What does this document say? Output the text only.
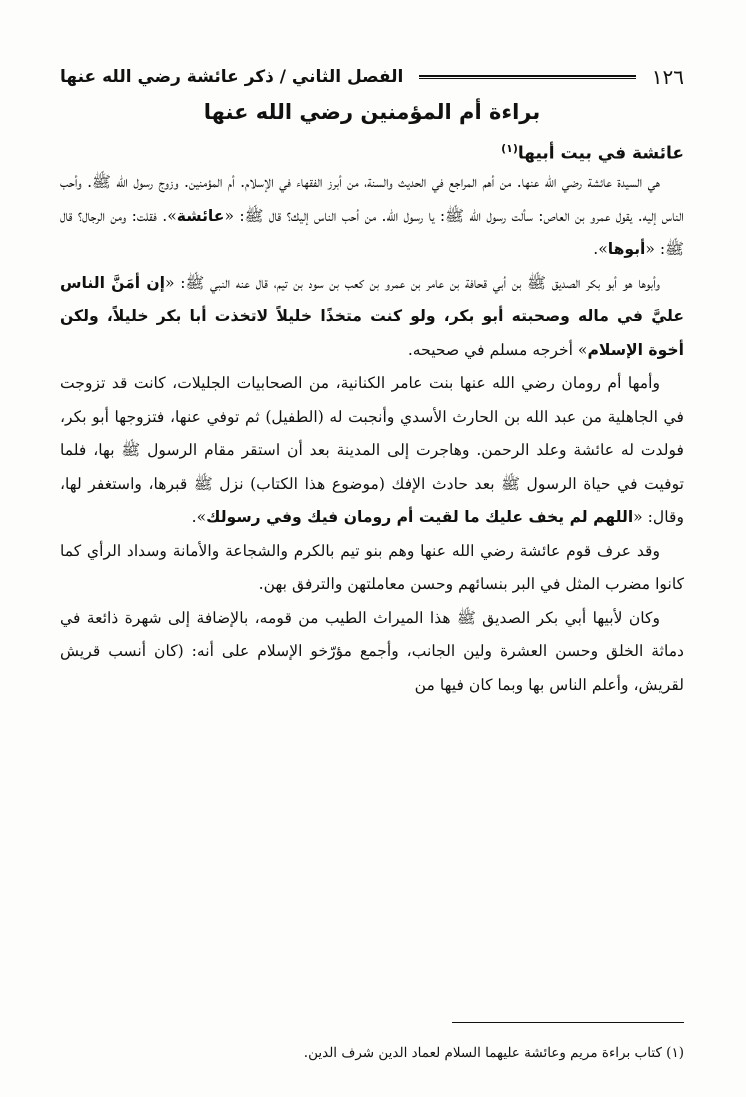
١٢٦
الفصل الثاني / ذكر عائشة رضي الله عنها
براءة أم المؤمنين رضي الله عنها
عائشة في بيت أبيها$^{(١)}$

هي السيدة عائشة رضي الله عنها. من أهم المراجع في الحديث والسنة، من أبرز الفقهاء في الإسلام. أم المؤمنين. وزوج رسول الله ﷺ. وأحب الناس إليه. يقول عمرو بن العاص: سألت رسول الله ﷺ: يا رسول الله. من أحب الناس إليك؟ قال ﷺ: «عائشة». فقلت: ومن الرجال؟ قال ﷺ: «أبوها».

وأبوها هو أبو بكر الصديق ﷺ بن أبي قحافة بن عامر بن عمرو بن كعب بن سود بن تيم، قال عنه النبي ﷺ: «إن أمَنَّ الناس عليَّ في ماله وصحبته أبو بكر، ولو كنت متخذًا خليلاً لاتخذت أبا بكر خليلاً، ولكن أخوة الإسلام» أخرجه مسلم في صحيحه.

وأمها أم رومان رضي الله عنها بنت عامر الكنانية، من الصحابيات الجليلات، كانت قد تزوجت في الجاهلية من عبد الله بن الحارث الأسدي وأنجبت له (الطفيل) ثم توفي عنها، فتزوجها أبو بكر، فولدت له عائشة وعلد الرحمن. وهاجرت إلى المدينة بعد أن استقر مقام الرسول ﷺ بها، فلما توفيت في حياة الرسول ﷺ بعد حادث الإفك (موضوع هذا الكتاب) نزل ﷺ قبرها، واستغفر لها، وقال: «اللهم لم يخف عليك ما لقيت أم رومان فيك وفي رسولك».

وقد عرف قوم عائشة رضي الله عنها وهم بنو تيم بالكرم والشجاعة والأمانة وسداد الرأي كما كانوا مضرب المثل في البر بنسائهم وحسن معاملتهن والترفق بهن.

وكان لأبيها أبي بكر الصديق ﷺ هذا الميراث الطيب من قومه، بالإضافة إلى شهرة ذائعة في دماثة الخلق وحسن العشرة ولين الجانب، وأجمع مؤرّخو الإسلام على أنه: (كان أنسب قريش لقريش، وأعلم الناس بها وبما كان فيها من

(١) كتاب براءة مريم وعائشة عليهما السلام لعماد الدين شرف الدين.
